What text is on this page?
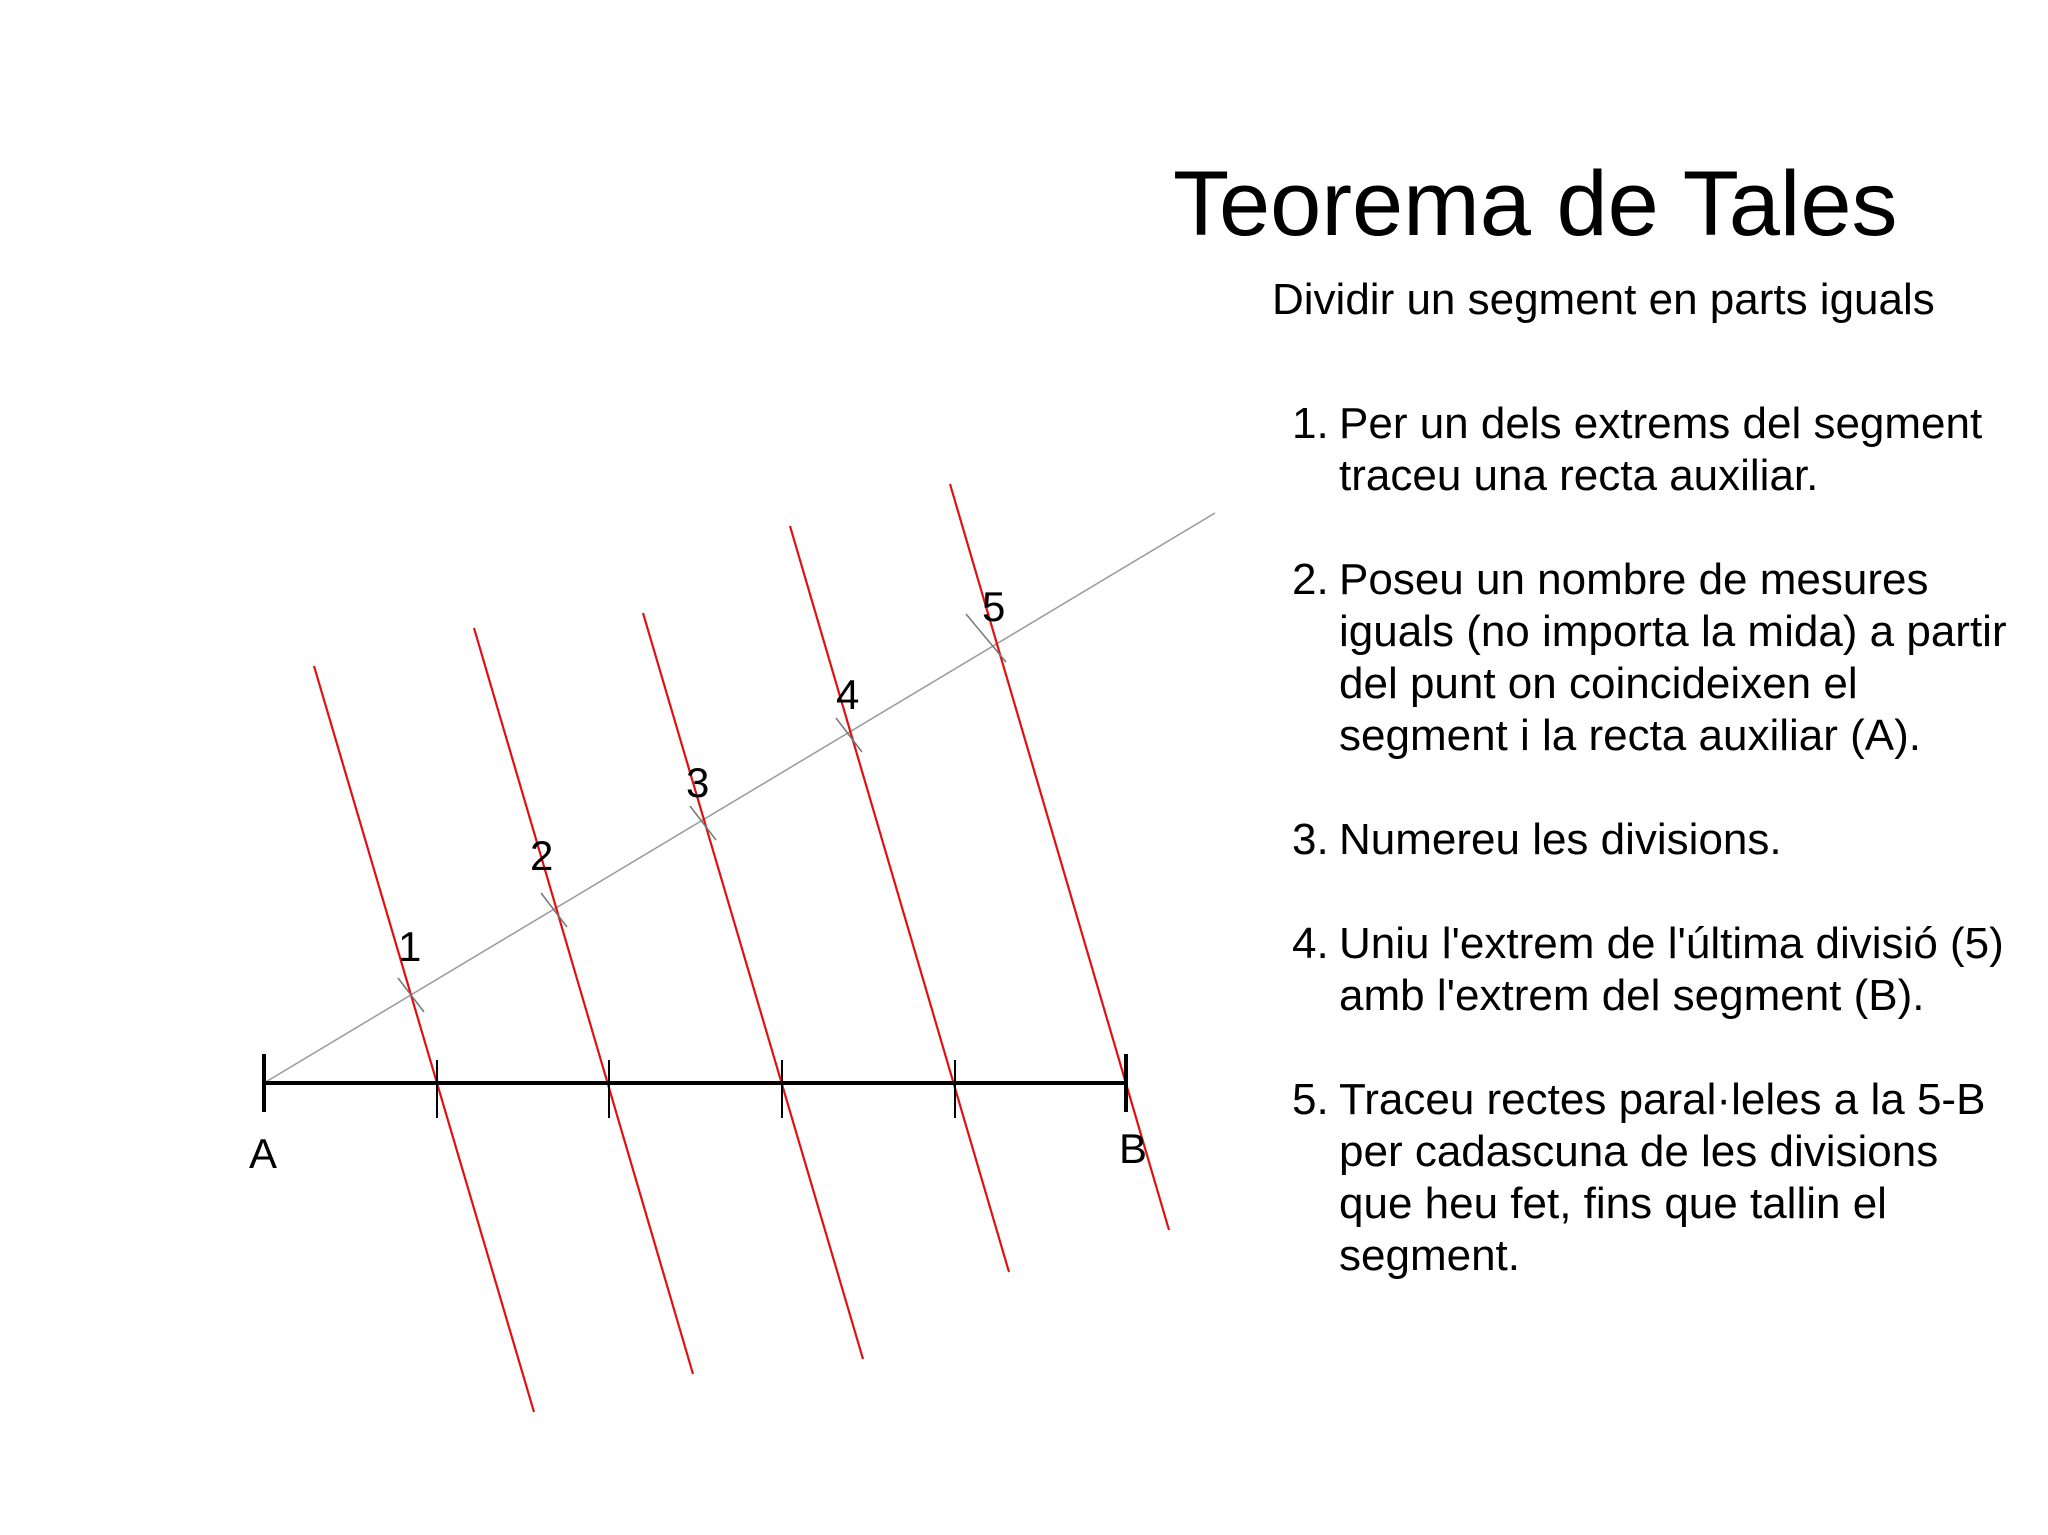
1
2
3
4
5
A	B
Teorema de Tales
Dividir un segment en parts iguals
1. Per un dels extrems del segment traceu una recta auxiliar.
2. Poseu un nombre de mesures iguals (no importa la mida) a partir del punt on coincideixen el segment i la recta auxiliar (A).
3. Numereu les divisions.
4. Uniu l'extrem de l'última divisió (5) amb l'extrem del segment (B).
5. Traceu rectes paral·leles a la 5-B per cadascuna de les divisions que heu fet, fins que tallin el segment.
